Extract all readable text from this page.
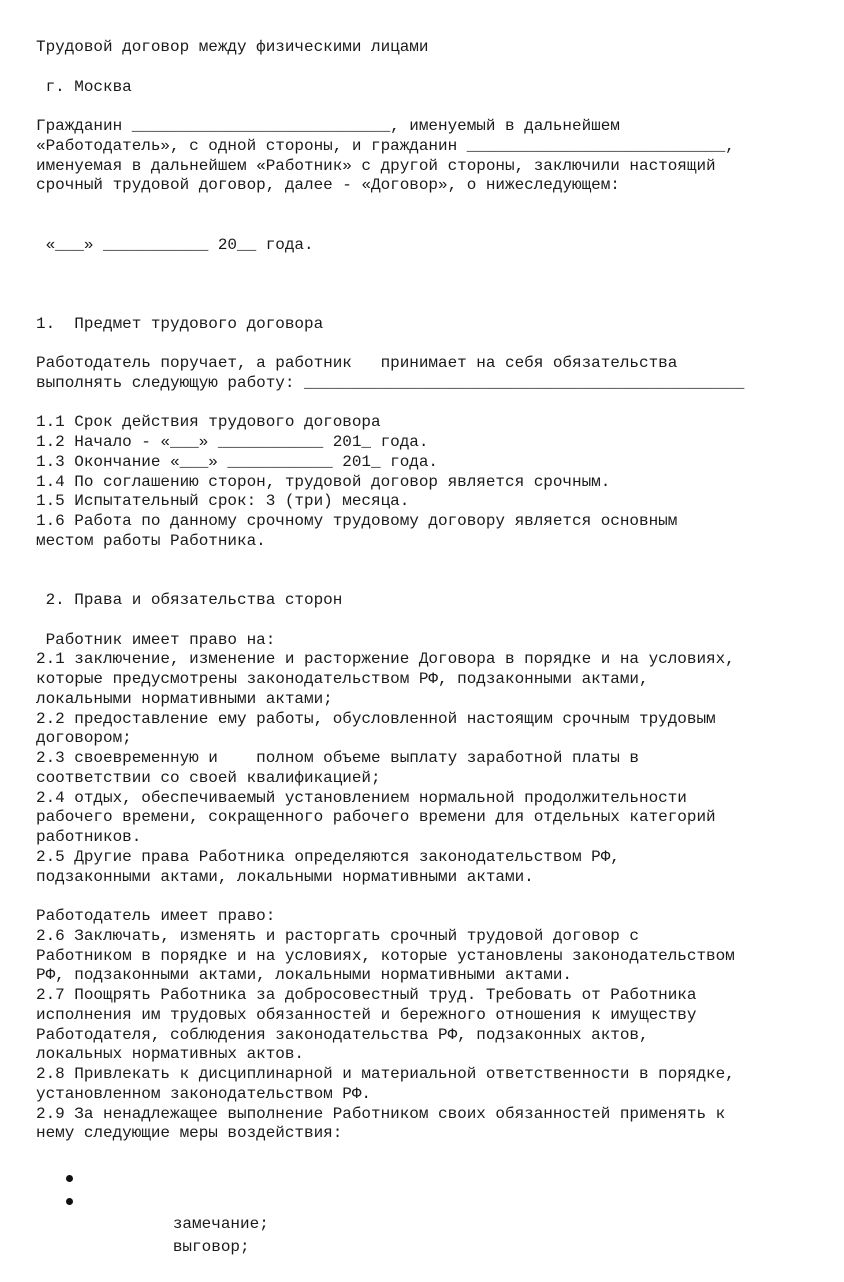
Трудовой договор между физическими лицами
г. Москва
Гражданин ___________________________, именуемый в дальнейшем
«Работодатель», с одной стороны, и гражданин ___________________________,
именуемая в дальнейшем «Работник» с другой стороны, заключили настоящий
срочный трудовой договор, далее - «Договор», о нижеследующем:
«___» ___________ 20__ года.
1.  Предмет трудового договора
Работодатель поручает, а работник   принимает на себя обязательства
выполнять следующую работу: ______________________________________________
1.1 Срок действия трудового договора
1.2 Начало - «___» ___________ 201_ года.
1.3 Окончание «___» ___________ 201_ года.
1.4 По соглашению сторон, трудовой договор является срочным.
1.5 Испытательный срок: 3 (три) месяца.
1.6 Работа по данному срочному трудовому договору является основным
местом работы Работника.
2. Права и обязательства сторон
Работник имеет право на:
2.1 заключение, изменение и расторжение Договора в порядке и на условиях,
которые предусмотрены законодательством РФ, подзаконными актами,
локальными нормативными актами;
2.2 предоставление ему работы, обусловленной настоящим срочным трудовым
договором;
2.3 своевременную и    полном объеме выплату заработной платы в
соответствии со своей квалификацией;
2.4 отдых, обеспечиваемый установлением нормальной продолжительности
рабочего времени, сокращенного рабочего времени для отдельных категорий
работников.
2.5 Другие права Работника определяются законодательством РФ,
подзаконными актами, локальными нормативными актами.
Работодатель имеет право:
2.6 Заключать, изменять и расторгать срочный трудовой договор с
Работником в порядке и на условиях, которые установлены законодательством
РФ, подзаконными актами, локальными нормативными актами.
2.7 Поощрять Работника за добросовестный труд. Требовать от Работника
исполнения им трудовых обязанностей и бережного отношения к имуществу
Работодателя, соблюдения законодательства РФ, подзаконных актов,
локальных нормативных актов.
2.8 Привлекать к дисциплинарной и материальной ответственности в порядке,
установленном законодательством РФ.
2.9 За ненадлежащее выполнение Работником своих обязанностей применять к
нему следующие меры воздействия:

замечание;

выговор;
